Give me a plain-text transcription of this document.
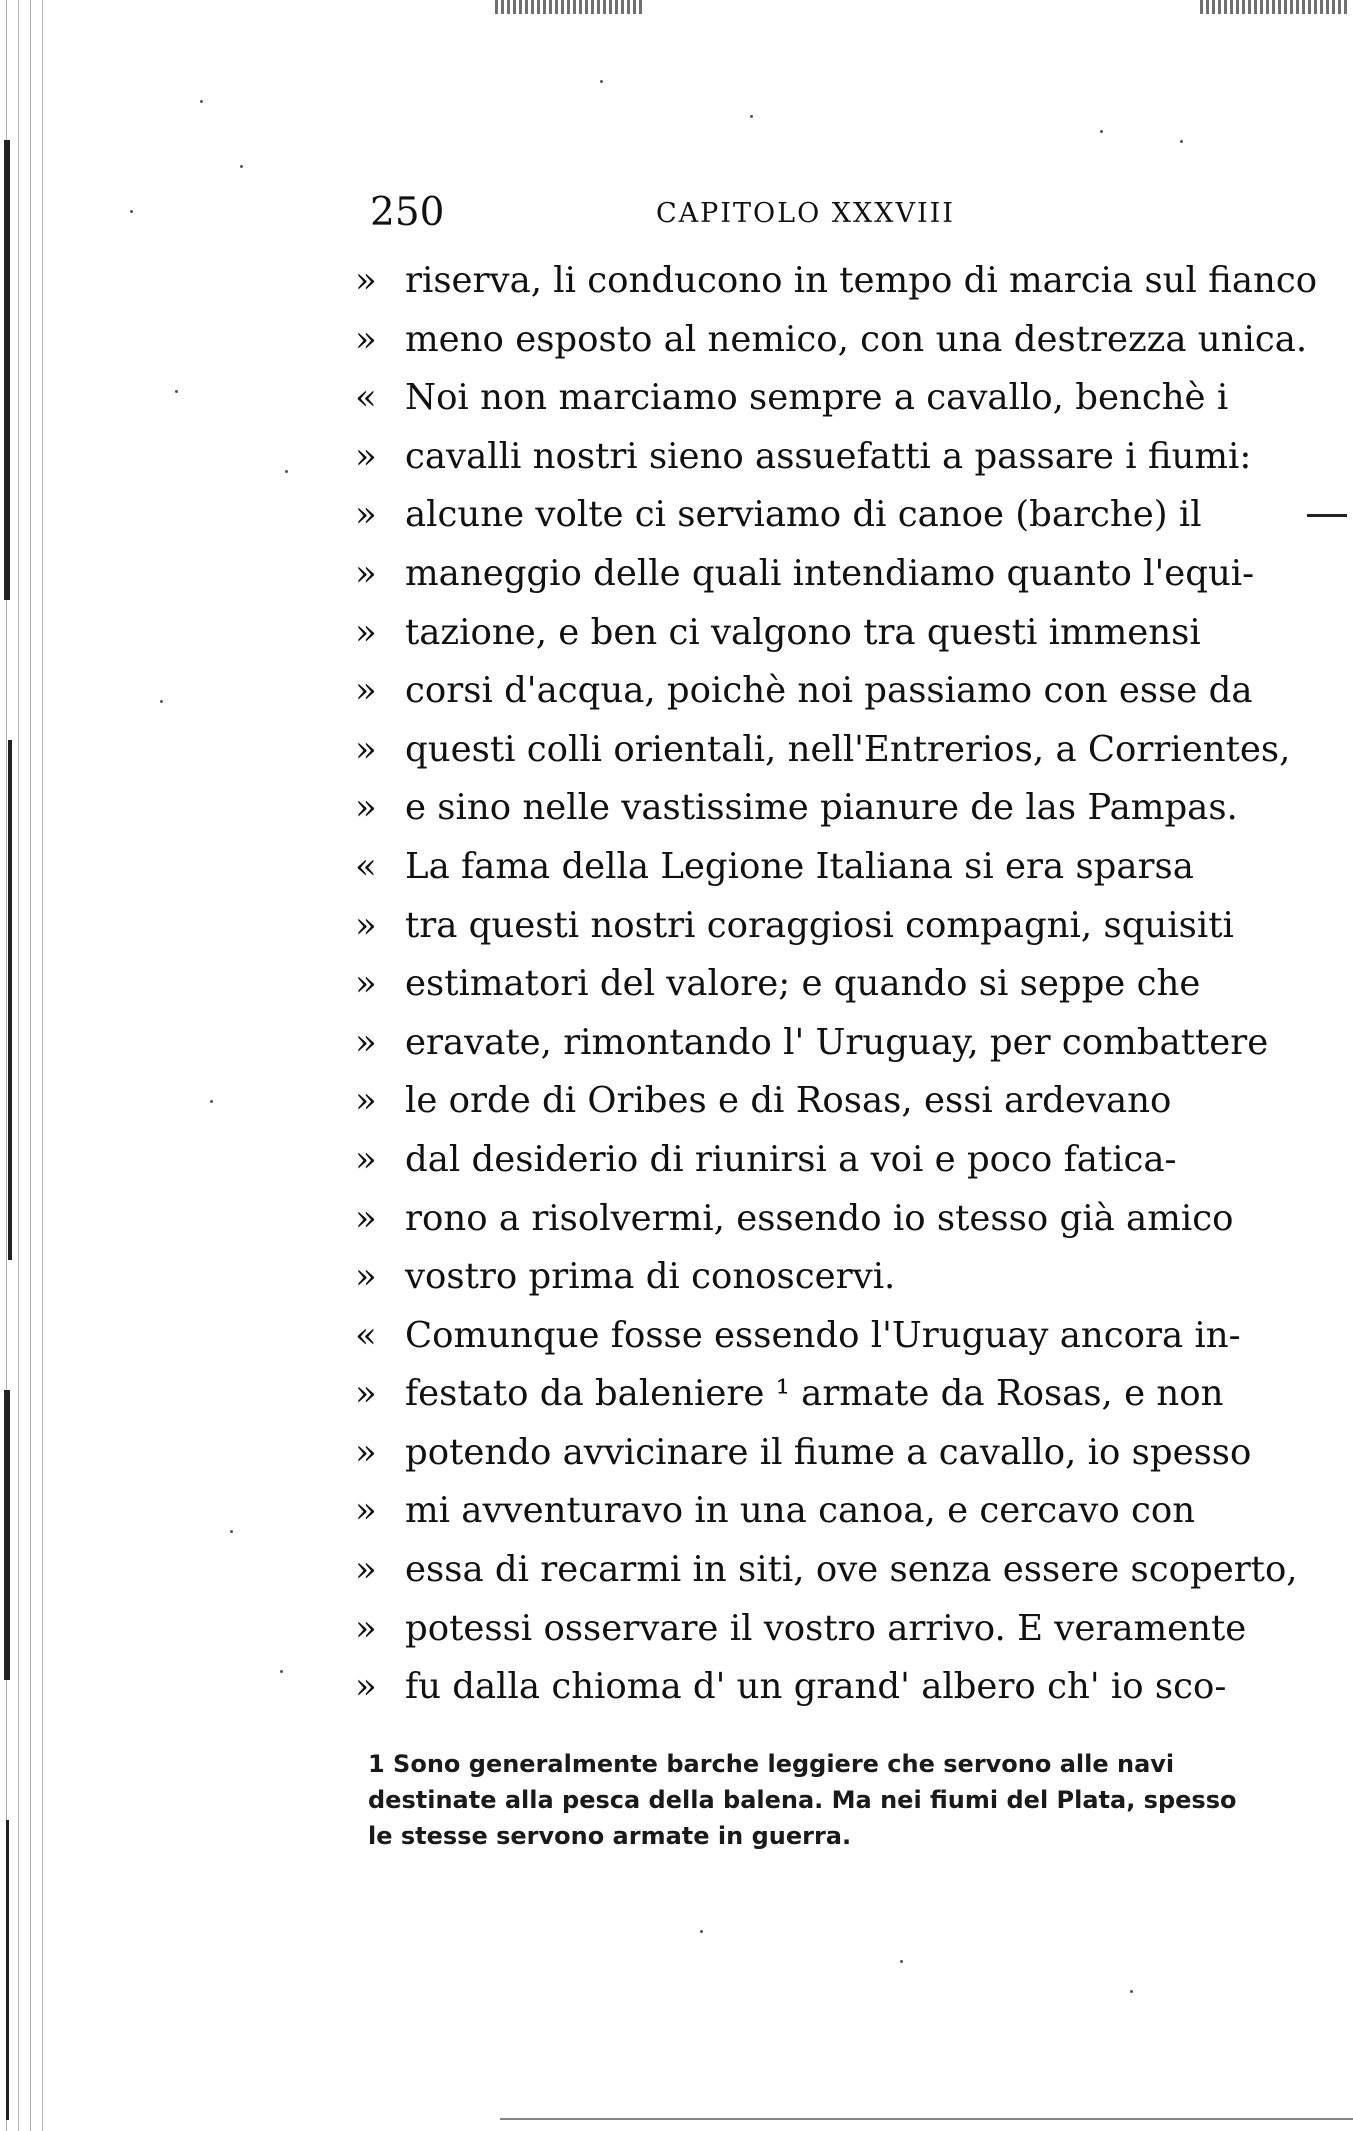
250	CAPITOLO XXXVIII
» riserva, li conducono in tempo di marcia sul fianco
» meno esposto al nemico, con una destrezza unica.
« Noi non marciamo sempre a cavallo, benchè i
» cavalli nostri sieno assuefatti a passare i fiumi:
» alcune volte ci serviamo di canoe (barche) il
» maneggio delle quali intendiamo quanto l'equi-
» tazione, e ben ci valgono tra questi immensi
» corsi d'acqua, poichè noi passiamo con esse da
» questi colli orientali, nell'Entrerios, a Corrientes,
» e sino nelle vastissime pianure de las Pampas.
« La fama della Legione Italiana si era sparsa
» tra questi nostri coraggiosi compagni, squisiti
» estimatori del valore; e quando si seppe che
» eravate, rimontando l' Uruguay, per combattere
» le orde di Oribes e di Rosas, essi ardevano
» dal desiderio di riunirsi a voi e poco fatica-
» rono a risolvermi, essendo io stesso già amico
» vostro prima di conoscervi.
« Comunque fosse essendo l'Uruguay ancora in-
» festato da baleniere ¹ armate da Rosas, e non
» potendo avvicinare il fiume a cavallo, io spesso
» mi avventuravo in una canoa, e cercavo con
» essa di recarmi in siti, ove senza essere scoperto,
» potessi osservare il vostro arrivo. E veramente
» fu dalla chioma d' un grand' albero ch' io sco-
1 Sono generalmente barche leggiere che servono alle navi
destinate alla pesca della balena. Ma nei fiumi del Plata, spesso
le stesse servono armate in guerra.
